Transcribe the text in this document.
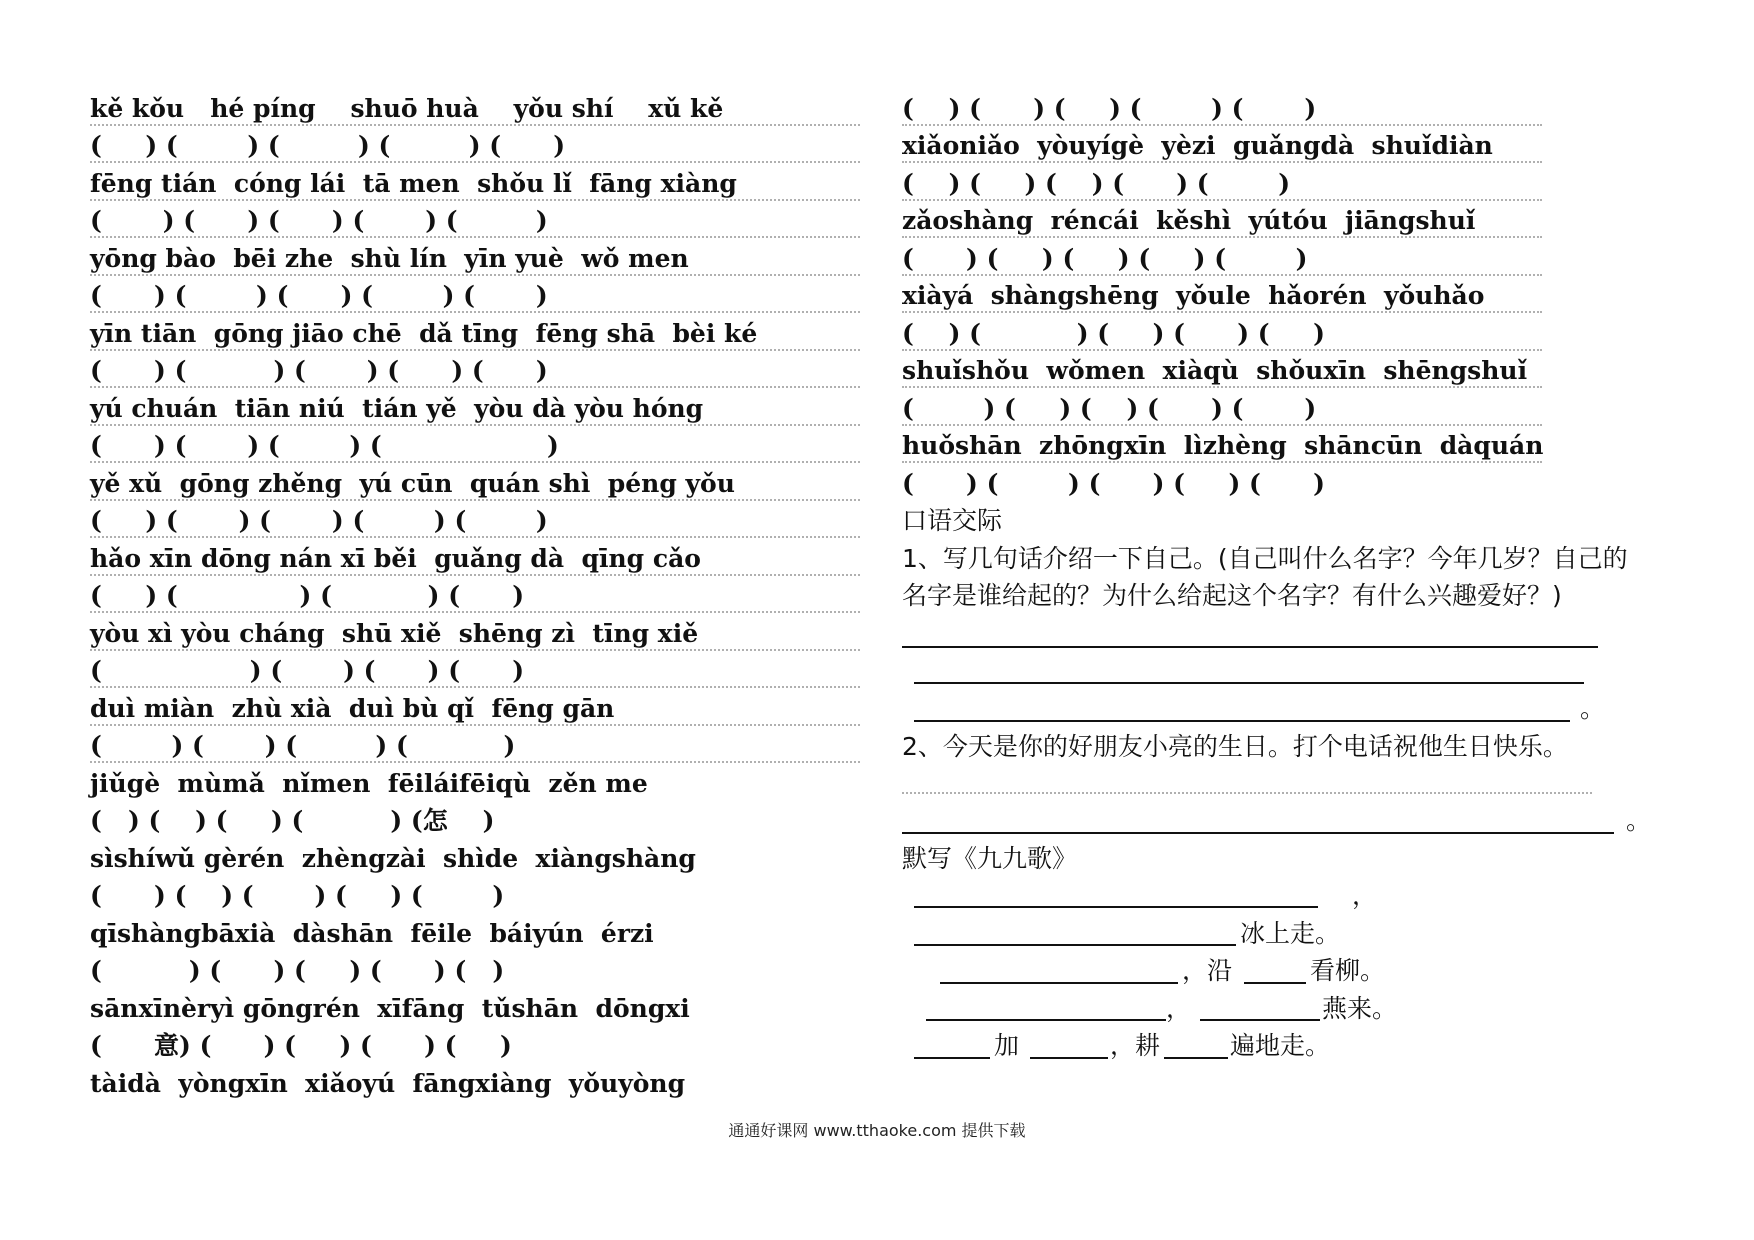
kě kǒu   hé píng    shuō huà    yǒu shí    xǔ kě
(     ) (        ) (         ) (         ) (      )
fēng tián  cóng lái  tā men  shǒu lǐ  fāng xiàng
(       ) (      ) (      ) (       ) (         )
yōng bào  bēi zhe  shù lín  yīn yuè  wǒ men
(      ) (        ) (      ) (        ) (       )
yīn tiān  gōng jiāo chē  dǎ tīng  fēng shā  bèi ké
(      ) (          ) (       ) (      ) (      )
yú chuán  tiān niú  tián yě  yòu dà yòu hóng
(      ) (       ) (        ) (                   )
yě xǔ  gōng zhěng  yú cūn  quán shì  péng yǒu
(     ) (       ) (       ) (        ) (        )
hǎo xīn dōng nán xī běi  guǎng dà  qīng cǎo
(     ) (              ) (           ) (      )
yòu xì yòu cháng  shū xiě  shēng zì  tīng xiě
(                 ) (       ) (      ) (      )
duì miàn  zhù xià  duì bù qǐ  fēng gān
(        ) (       ) (         ) (           )
jiǔgè  mùmǎ  nǐmen  fēiláifēiqù  zěn me
(   ) (    ) (     ) (          ) (怎    )
sìshíwǔ gèrén  zhèngzài  shìde  xiàngshàng
(      ) (    ) (       ) (     ) (        )
qīshàngbāxià  dàshān  fēile  báiyún  érzi
(          ) (      ) (     ) (      ) (   )
sānxīnèryì gōngrén  xīfāng  tǔshān  dōngxi
(      意) (      ) (     ) (      ) (     )
tàidà  yòngxīn  xiǎoyú  fāngxiàng  yǒuyòng
(    ) (      ) (     ) (        ) (       )
xiǎoniǎo  yòuyígè  yèzi  guǎngdà  shuǐdiàn
(    ) (     ) (    ) (      ) (        )
zǎoshàng  réncái  kěshì  yútóu  jiāngshuǐ
(      ) (     ) (     ) (     ) (        )
xiàyá  shàngshēng  yǒule  hǎorén  yǒuhǎo
(    ) (           ) (     ) (      ) (     )
shuǐshǒu  wǒmen  xiàqù  shǒuxīn  shēngshuǐ
(        ) (     ) (    ) (      ) (       )
huǒshān  zhōngxīn  lìzhèng  shāncūn  dàquán
(      ) (        ) (      ) (     ) (      )
口语交际
1、写几句话介绍一下自己。(自己叫什么名字？今年几岁？自己的
名字是谁给起的？为什么给起这个名字？有什么兴趣爱好？)
。
2、今天是你的好朋友小亮的生日。打个电话祝他生日快乐。
。
默写《九九歌》
，
冰上走。
，沿	看柳。
，	燕来。
加	，耕	遍地走。
通通好课网 www.tthaoke.com 提供下载
